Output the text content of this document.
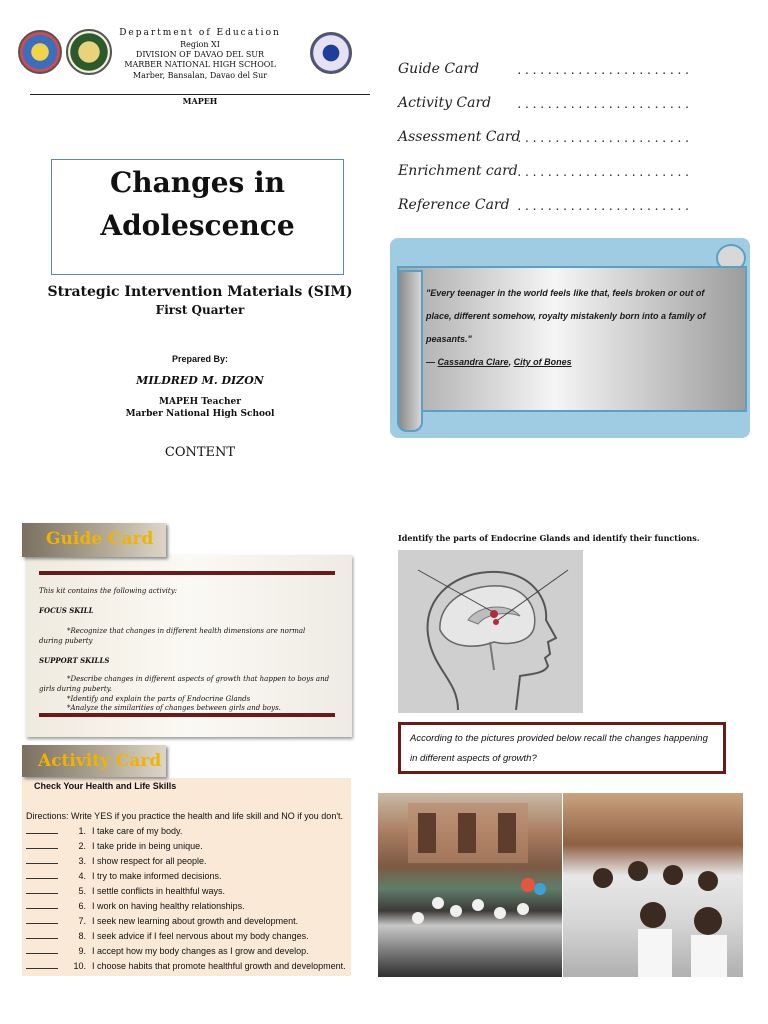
Department of Education
Region XI
DIVISION OF DAVAO DEL SUR
MARBER NATIONAL HIGH SCHOOL
Marber, Bansalan, Davao del Sur
MAPEH
Changes in
Adolescence
Strategic Intervention Materials (SIM)
First Quarter
Prepared By:
MILDRED M. DIZON
MAPEH Teacher
Marber National High School
CONTENT
Guide Card	.......................
Activity Card .......................
Assessment Card
.......................
Enrichment card
.......................
Reference Card .......................
"Every teenager in the world feels like that, feels broken or out of place, different somehow, royalty mistakenly born into a family of peasants."
— Cassandra Clare, City of Bones
Guide Card
This kit contains the following activity:
FOCUS SKILL
*Recognize that changes in different health dimensions are normal during puberty
SUPPORT SKILLS
*Describe changes in different aspects of growth that happen to boys and girls during puberty.
*Identify and explain the parts of Endocrine Glands
*Analyze the similarities of changes between girls and boys.
Activity Card
Check Your Health and Life Skills
Directions: Write YES if you practice the health and life skill and NO if you don't.
1. I take care of my body.
2. I take pride in being unique.
3. I show respect for all people.
4. I try to make informed decisions.
5. I settle conflicts in healthful ways.
6. I work on having healthy relationships.
7. I seek new learning about growth and development.
8. I seek advice if I feel nervous about my body changes.
9. I accept how my body changes as I grow and develop.
10. I choose habits that promote healthful growth and development.
Identify the parts of Endocrine Glands and identify their functions.
According to the pictures provided below recall the changes happening in different aspects of growth?
